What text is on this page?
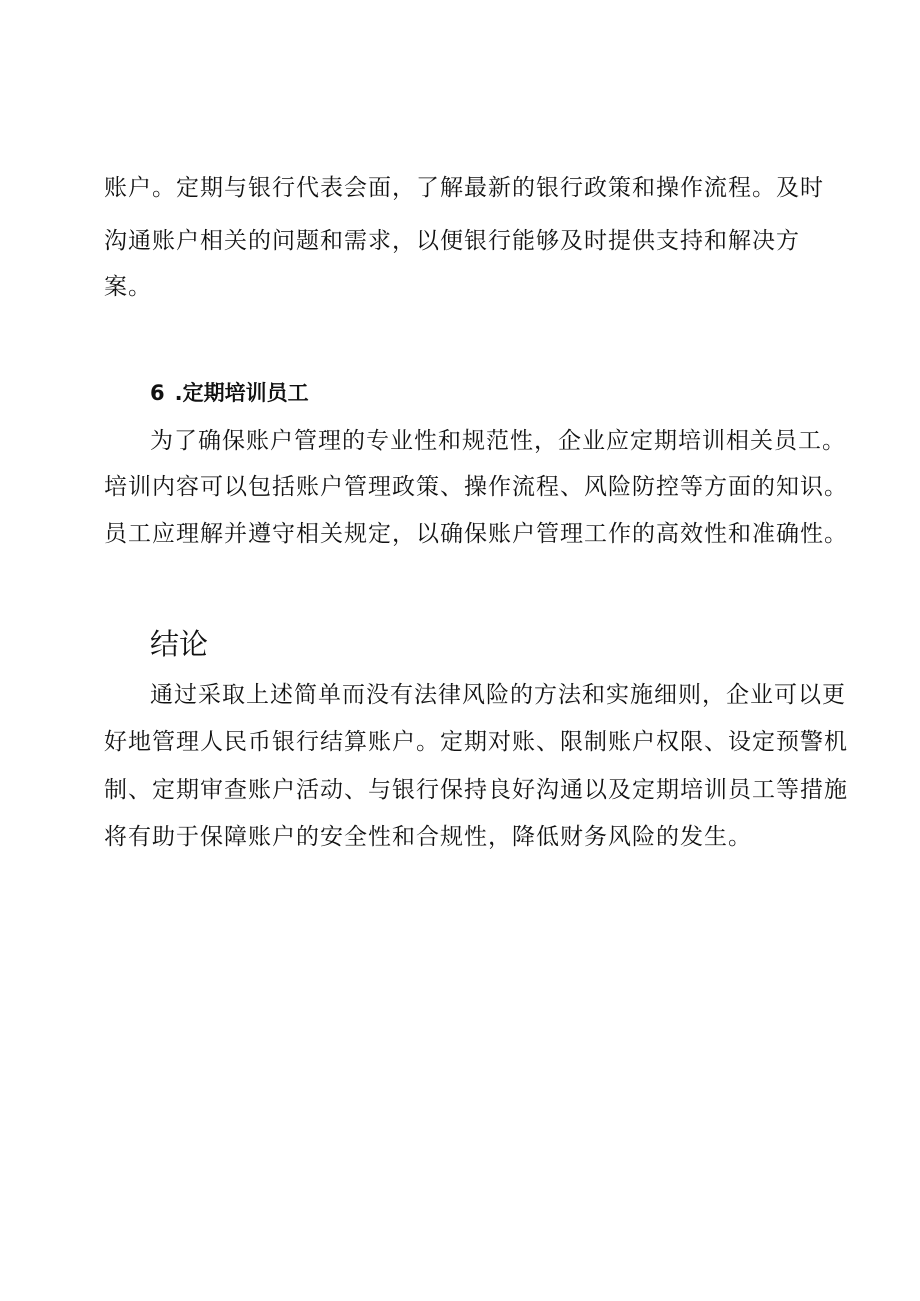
账户。定期与银行代表会面，了解最新的银行政策和操作流程。及时

沟通账户相关的问题和需求，以便银行能够及时提供支持和解决方

案。

6 .定期培训员工

为了确保账户管理的专业性和规范性，企业应定期培训相关员工。

培训内容可以包括账户管理政策、操作流程、风险防控等方面的知识。

员工应理解并遵守相关规定，以确保账户管理工作的高效性和准确性。

结论

通过采取上述简单而没有法律风险的方法和实施细则，企业可以更

好地管理人民币银行结算账户。定期对账、限制账户权限、设定预警机

制、定期审查账户活动、与银行保持良好沟通以及定期培训员工等措施

将有助于保障账户的安全性和合规性，降低财务风险的发生。
